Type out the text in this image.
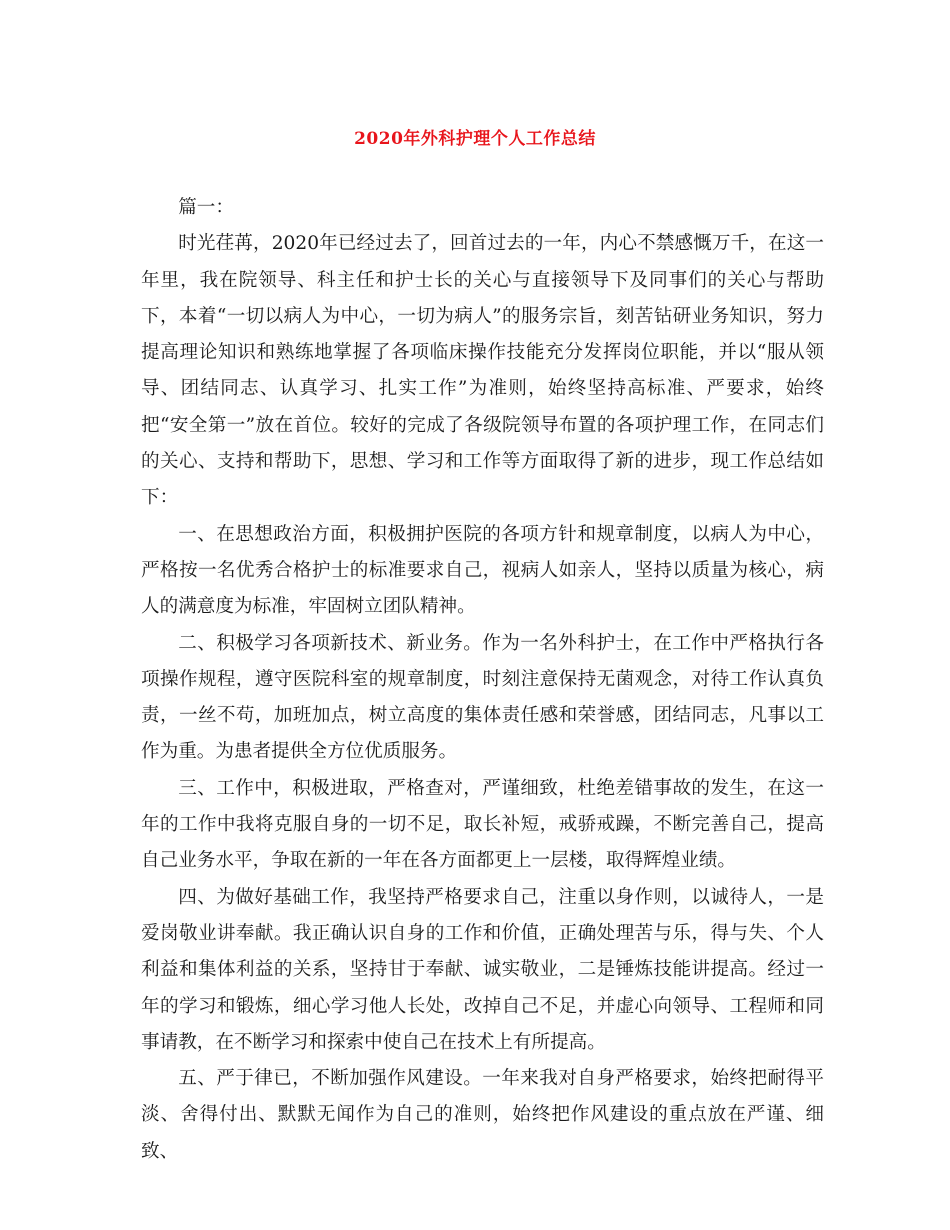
2020年外科护理个人工作总结

篇一：

时光荏苒，2020年已经过去了，回首过去的一年，内心不禁感慨万千，在这一年里，我在院领导、科主任和护士长的关心与直接领导下及同事们的关心与帮助下，本着“一切以病人为中心，一切为病人”的服务宗旨，刻苦钻研业务知识，努力提高理论知识和熟练地掌握了各项临床操作技能充分发挥岗位职能，并以“服从领导、团结同志、认真学习、扎实工作”为准则，始终坚持高标准、严要求，始终把“安全第一”放在首位。较好的完成了各级院领导布置的各项护理工作，在同志们的关心、支持和帮助下，思想、学习和工作等方面取得了新的进步，现工作总结如下：

一、在思想政治方面，积极拥护医院的各项方针和规章制度，以病人为中心，严格按一名优秀合格护士的标准要求自己，视病人如亲人，坚持以质量为核心，病人的满意度为标准，牢固树立团队精神。

二、积极学习各项新技术、新业务。作为一名外科护士，在工作中严格执行各项操作规程，遵守医院科室的规章制度，时刻注意保持无菌观念，对待工作认真负责，一丝不苟，加班加点，树立高度的集体责任感和荣誉感，团结同志，凡事以工作为重。为患者提供全方位优质服务。

三、工作中，积极进取，严格查对，严谨细致，杜绝差错事故的发生，在这一年的工作中我将克服自身的一切不足，取长补短，戒骄戒躁，不断完善自己，提高自己业务水平，争取在新的一年在各方面都更上一层楼，取得辉煌业绩。

四、为做好基础工作，我坚持严格要求自己，注重以身作则，以诚待人，一是爱岗敬业讲奉献。我正确认识自身的工作和价值，正确处理苦与乐，得与失、个人利益和集体利益的关系，坚持甘于奉献、诚实敬业，二是锤炼技能讲提高。经过一年的学习和锻炼，细心学习他人长处，改掉自己不足，并虚心向领导、工程师和同事请教，在不断学习和探索中使自己在技术上有所提高。

五、严于律已，不断加强作风建设。一年来我对自身严格要求，始终把耐得平淡、舍得付出、默默无闻作为自己的准则，始终把作风建设的重点放在严谨、细致、
